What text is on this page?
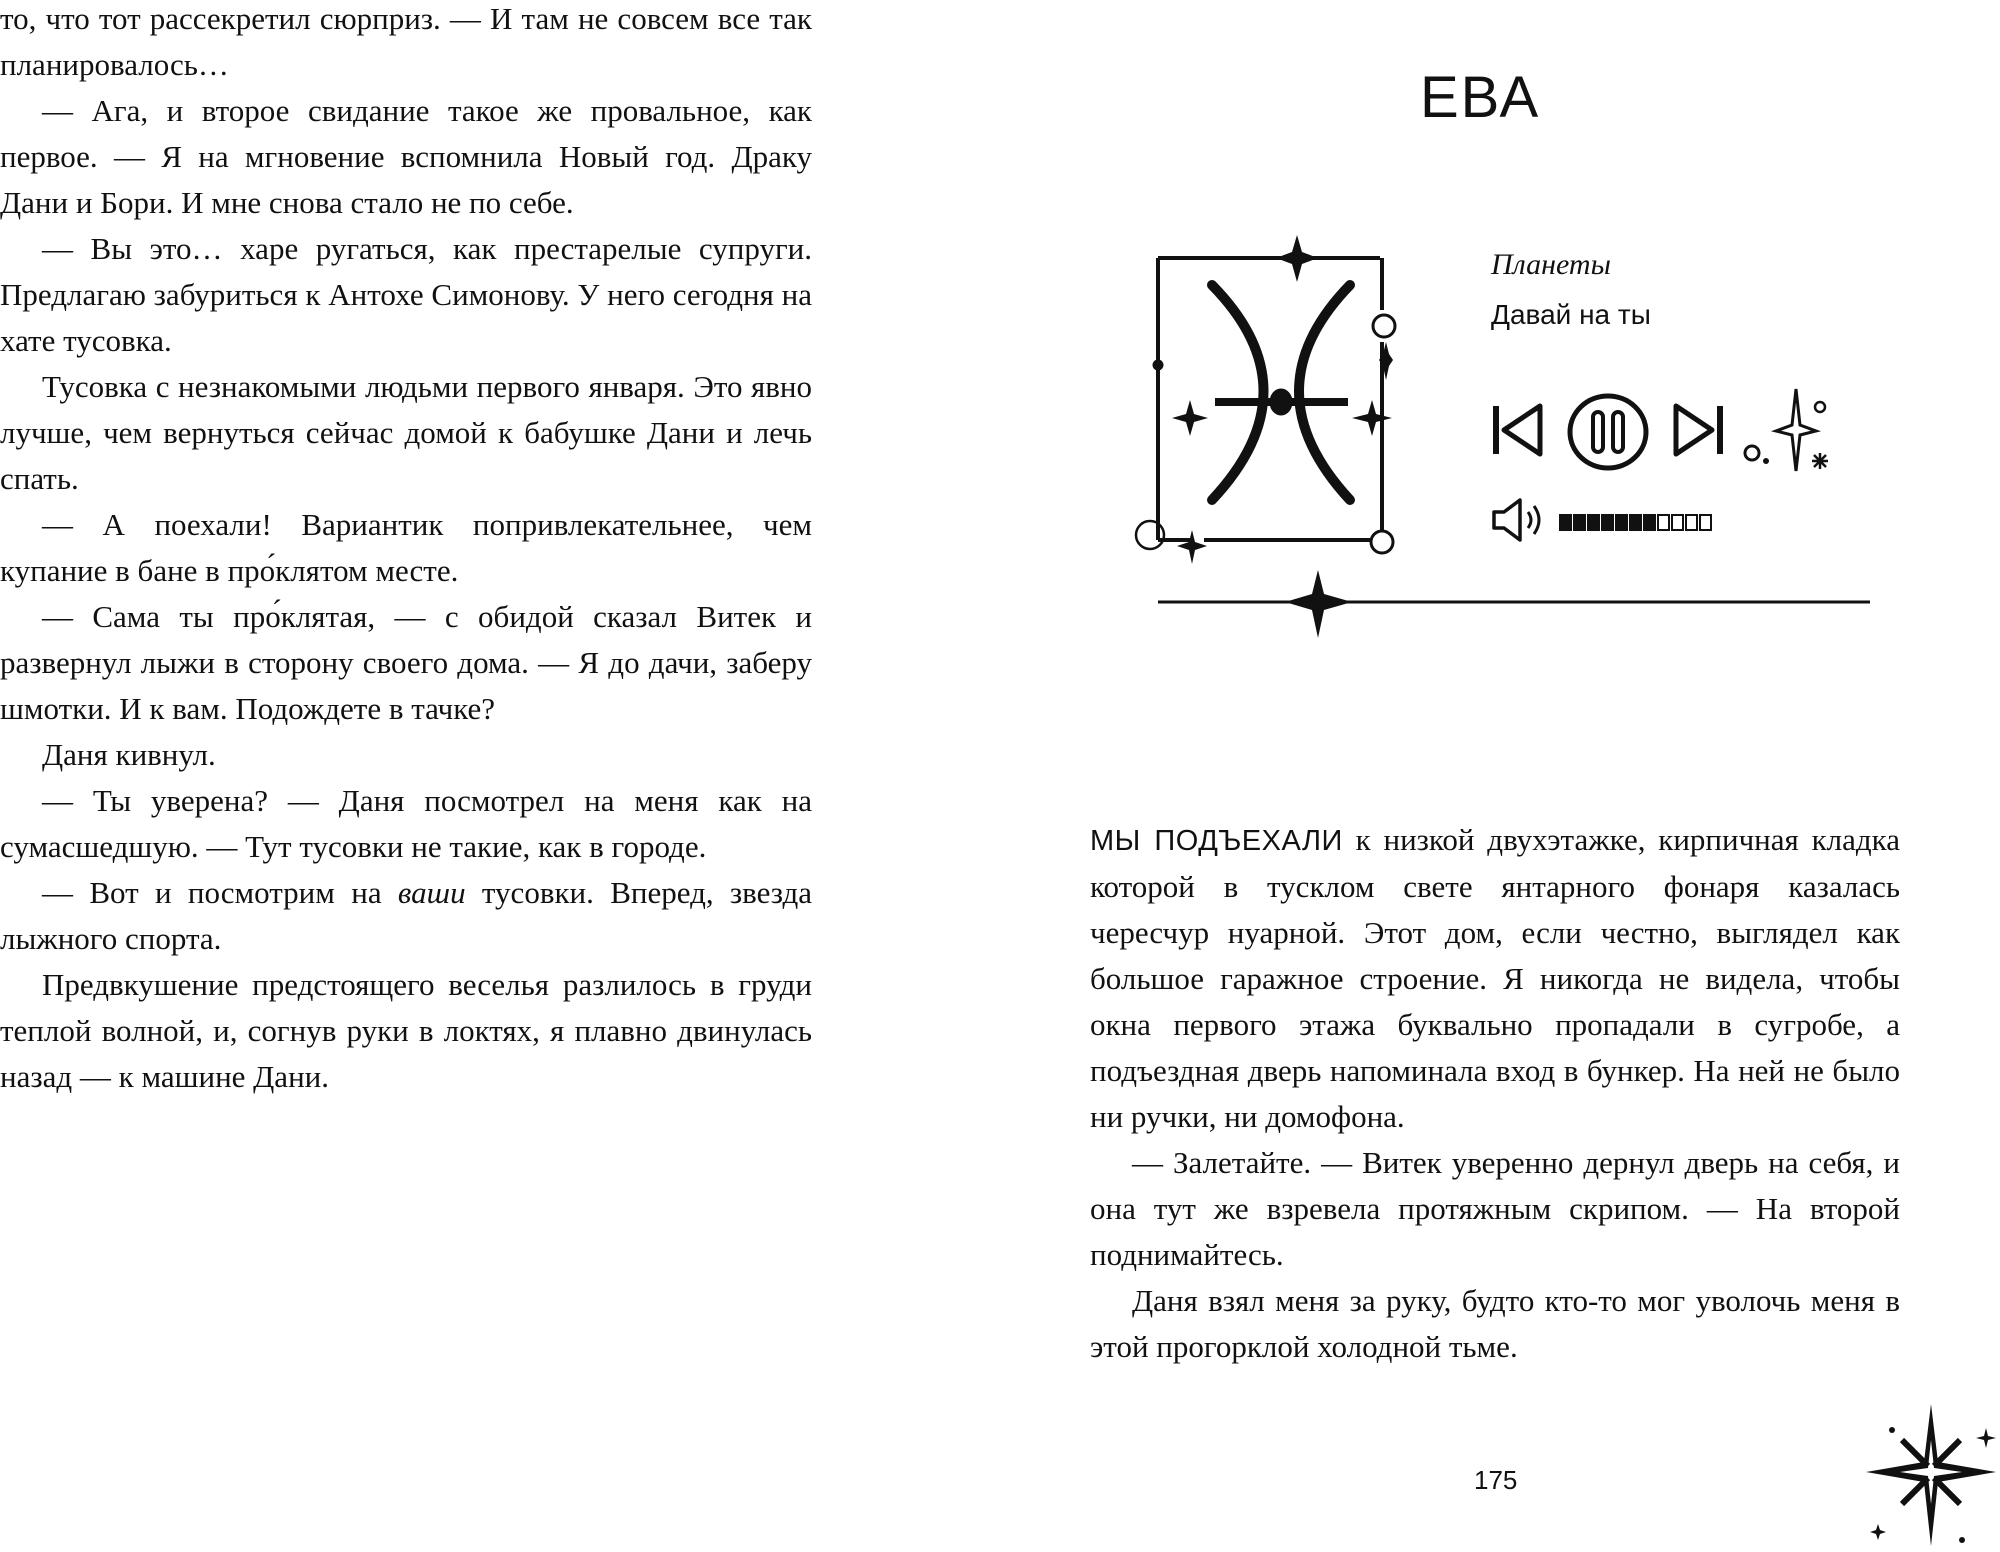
то, что тот рассекретил сюрприз. — И там не совсем все так планировалось…

— Ага, и второе свидание такое же провальное, как первое. — Я на мгновение вспомнила Новый год. Драку Дани и Бори. И мне снова стало не по себе.

— Вы это… харе ругаться, как престарелые супруги. Предлагаю забуриться к Антохе Симонову. У него сегодня на хате тусовка.

Тусовка с незнакомыми людьми первого января. Это явно лучше, чем вернуться сейчас домой к бабушке Дани и лечь спать.

— А поехали! Вариантик попривлекательнее, чем купание в бане в про́клятом месте.

— Сама ты про́клятая, — с обидой сказал Витек и развернул лыжи в сторону своего дома. — Я до дачи, заберу шмотки. И к вам. Подождете в тачке?

Даня кивнул.

— Ты уверена? — Даня посмотрел на меня как на сумасшедшую. — Тут тусовки не такие, как в городе.

— Вот и посмотрим на ваши тусовки. Вперед, звезда лыжного спорта.

Предвкушение предстоящего веселья разлилось в груди теплой волной, и, согнув руки в локтях, я плавно двинулась назад — к машине Дани.

ЕВА
Планеты
Давай на ты

МЫ ПОДЪЕХАЛИ к низкой двухэтажке, кирпичная кладка которой в тусклом свете янтарного фонаря казалась чересчур нуарной. Этот дом, если честно, выглядел как большое гаражное строение. Я никогда не видела, чтобы окна первого этажа буквально пропадали в сугробе, а подъездная дверь напоминала вход в бункер. На ней не было ни ручки, ни домофона.

— Залетайте. — Витек уверенно дернул дверь на себя, и она тут же взревела протяжным скрипом. — На второй поднимайтесь.

Даня взял меня за руку, будто кто-то мог уволочь меня в этой прогорклой холодной тьме.

175
